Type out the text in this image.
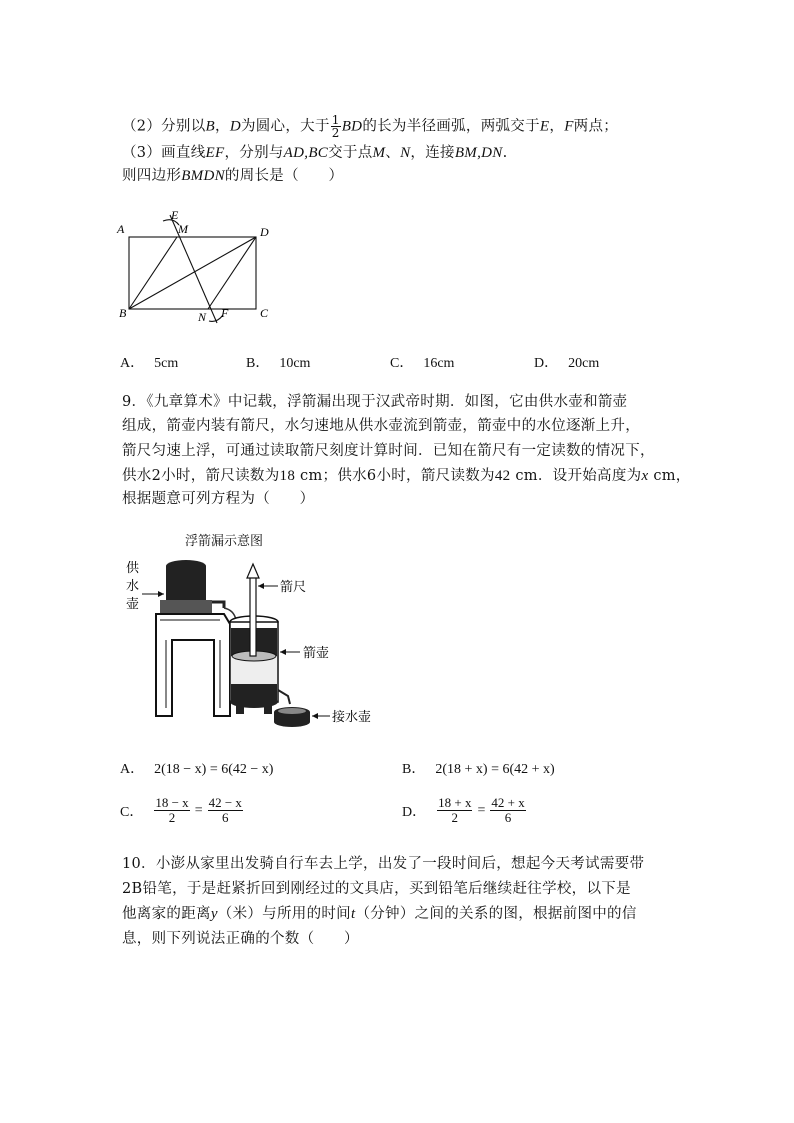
（2）分别以B，D为圆心，大于 $\frac{1}{2}$ BD的长为半径画弧，两弧交于E，F两点；
（3）画直线EF，分别与AD,BC交于点M、N，连接BM,DN.
则四边形BMDN的周长是（　　）
A
B	C
D
E
M
N F
A． 5cm	B． 10cm	C． 16cm	D． 20cm
9．《九章算术》中记载，浮箭漏出现于汉武帝时期．如图，它由供水壶和箭壶
组成，箭壶内装有箭尺，水匀速地从供水壶流到箭壶，箭壶中的水位逐渐上升，
箭尺匀速上浮，可通过读取箭尺刻度计算时间．已知在箭尺有一定读数的情况下，
供水2小时，箭尺读数为18 cm；供水6小时，箭尺读数为42 cm．设开始高度为x cm，
根据题意可列方程为（　　）
浮箭漏示意图
供
水
壶
箭尺
箭壶
接水壶
A． 2(18 − x) = 6(42 − x)	B． 2(18 + x) = 6(42 + x)
C． $\frac{18 - x}{2} = \frac{42 - x}{6}$	D． $\frac{18 + x}{2} = \frac{42 + x}{6}$
10．小澎从家里出发骑自行车去上学，出发了一段时间后，想起今天考试需要带
2B铅笔，于是赶紧折回到刚经过的文具店，买到铅笔后继续赶往学校，以下是
他离家的距离y（米）与所用的时间t（分钟）之间的关系的图，根据前图中的信
息，则下列说法正确的个数（　　）
